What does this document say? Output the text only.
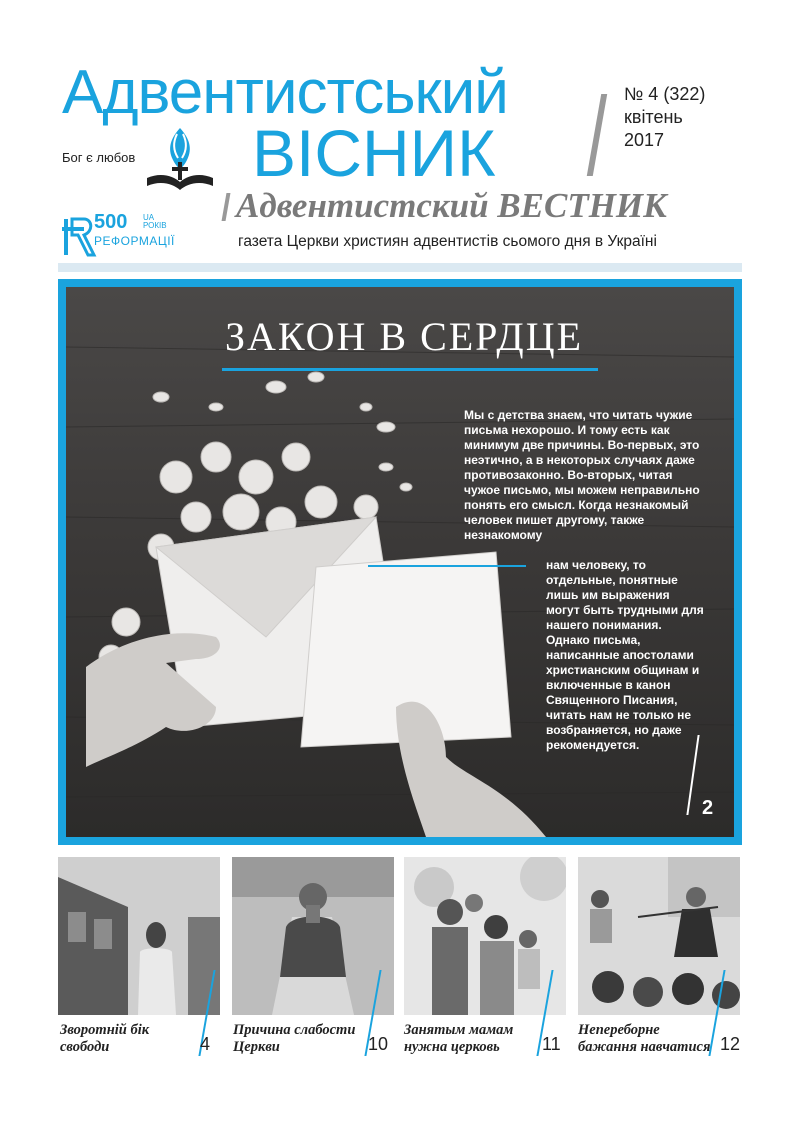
Адвентистський
ВІСНИК
Бог є любов
№ 4 (322)
квітень
2017
Адвентистский ВЕСТНИК
газета Церкви християн адвентистів сьомого дня в Україні
500 UA
РОКІВ
РЕФОРМАЦІЇ
ЗАКОН В СЕРДЦЕ
Мы с детства знаем, что читать чужие письма нехорошо. И тому есть как минимум две причины. Во-первых, это неэтично, а в некоторых случаях даже противозаконно. Во-вторых, читая чужое письмо, мы можем неправильно понять его смысл. Когда незнакомый человек пишет другому, также незнакомому
нам человеку, то отдельные, понятные лишь им выражения могут быть трудными для нашего понимания. Однако письма, написанные апостолами христианским общинам и включенные в канон Священного Писания, читать нам не только не возбраняется, но даже рекомендуется.
2
Зворотній бік свободи	4
Причина слабости Церкви	10
Занятым мамам нужна церковь	11
Непереборне бажання навчатися 12
